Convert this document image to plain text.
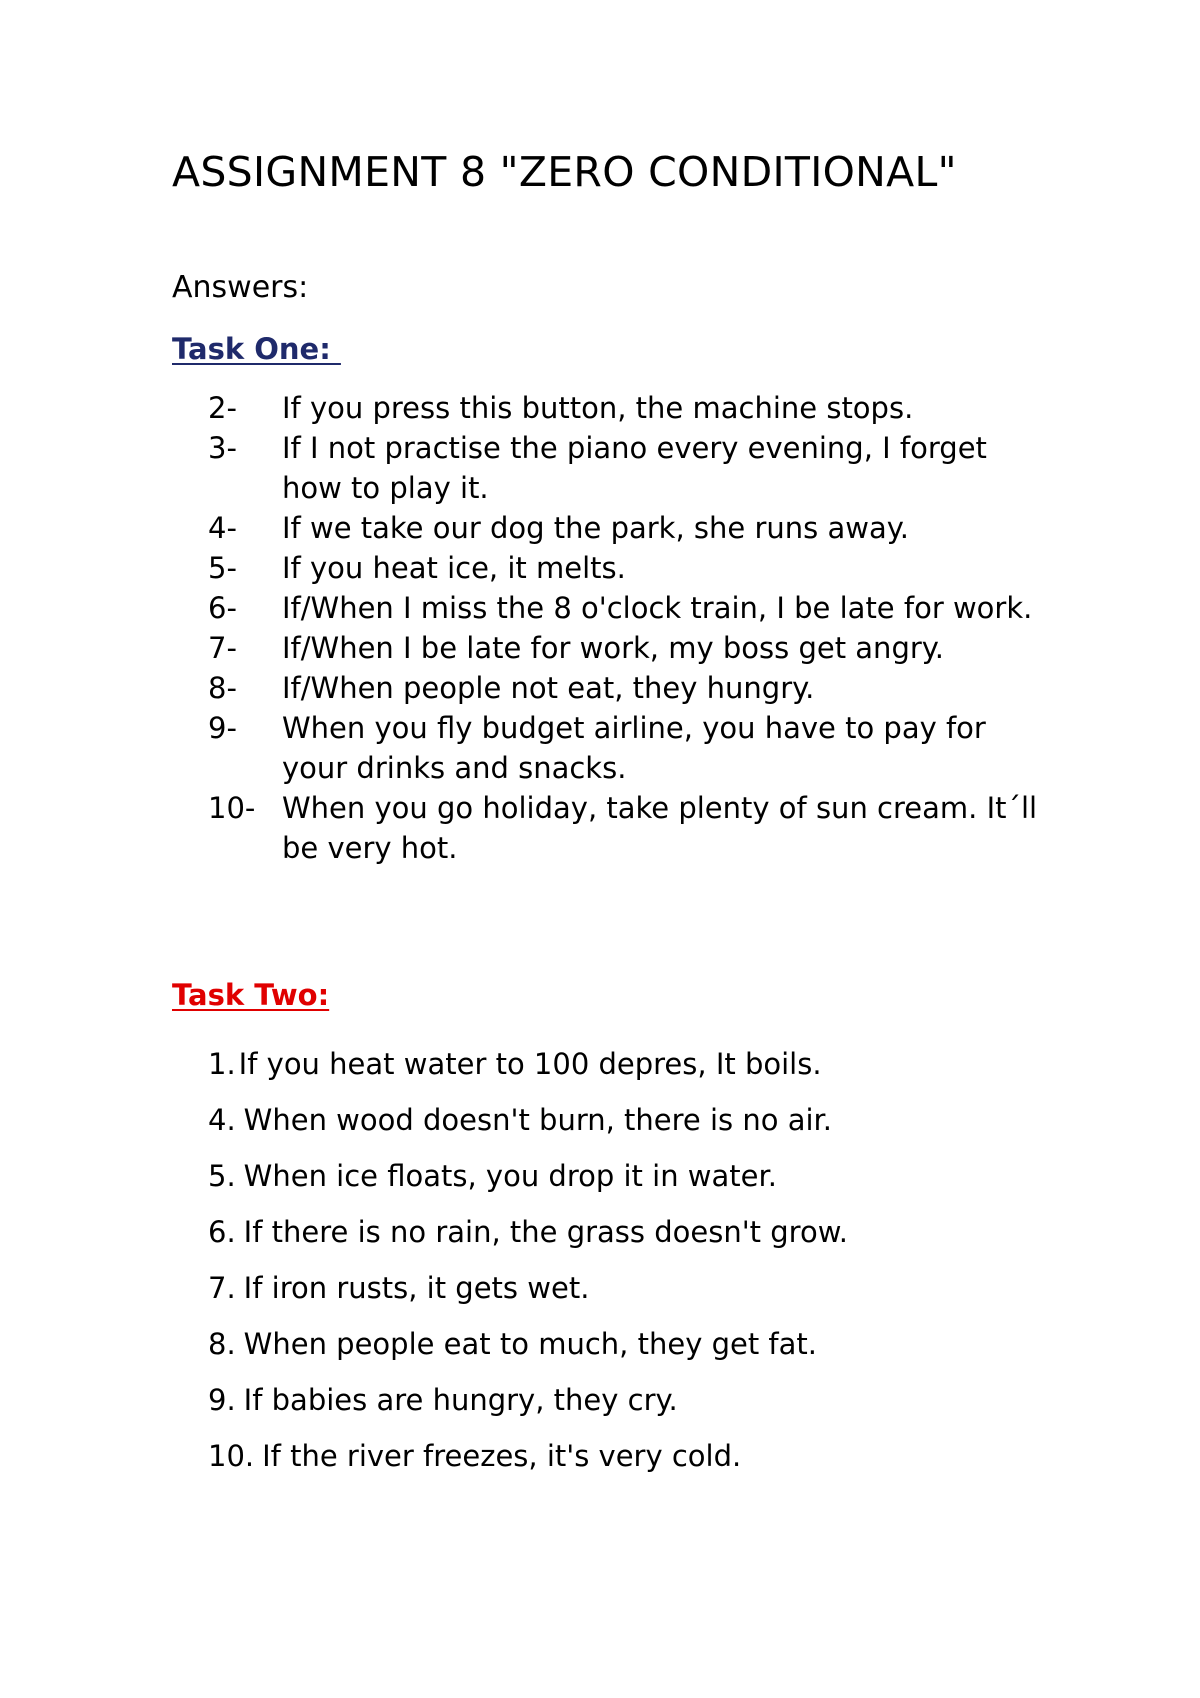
ASSIGNMENT 8 "ZERO CONDITIONAL"

Answers:

Task One:
2- If you press this button, the machine stops.
3- If I not practise the piano every evening, I forget how to play it.
4- If we take our dog the park, she runs away.
5- If you heat ice, it melts.
6- If/When I miss the 8 o'clock train, I be late for work.
7- If/When I be late for work, my boss get angry.
8- If/When people not eat, they hungry.
9- When you fly budget airline, you have to pay for your drinks and snacks.
10- When you go holiday, take plenty of sun cream. It´ll be very hot.
Task Two:
1. If you heat water to 100 depres, It boils.
4. When wood doesn't burn, there is no air.
5. When ice floats, you drop it in water.
6. If there is no rain, the grass doesn't grow.
7. If iron rusts, it gets wet.
8. When people eat to much, they get fat.
9. If babies are hungry, they cry.
10. If the river freezes, it's very cold.
